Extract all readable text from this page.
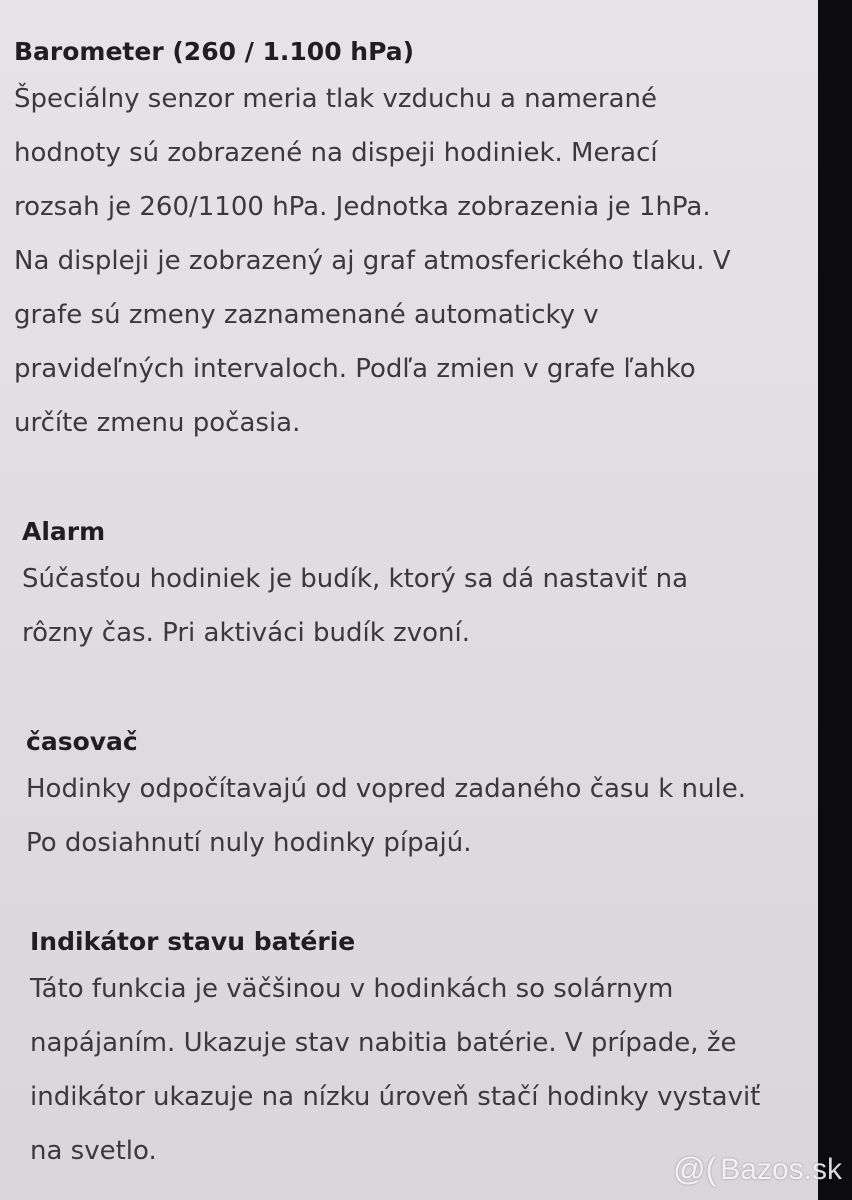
Barometer (260 / 1.100 hPa)

Špeciálny senzor meria tlak vzduchu a namerané
hodnoty sú zobrazené na dispeji hodiniek. Merací
rozsah je 260/1100 hPa. Jednotka zobrazenia je 1hPa.
Na displeji je zobrazený aj graf atmosferického tlaku. V
grafe sú zmeny zaznamenané automaticky v
pravideľných intervaloch. Podľa zmien v grafe ľahko
určíte zmenu počasia.

Alarm

Súčasťou hodiniek je budík, ktorý sa dá nastaviť na
rôzny čas. Pri aktiváci budík zvoní.

časovač

Hodinky odpočítavajú od vopred zadaného času k nule.
Po dosiahnutí nuly hodinky pípajú.

Indikátor stavu batérie

Táto funkcia je väčšinou v hodinkách so solárnym
napájaním. Ukazuje stav nabitia batérie. V prípade, že
indikátor ukazuje na nízku úroveň stačí hodinky vystaviť
na svetlo.	@( Bazos.sk
